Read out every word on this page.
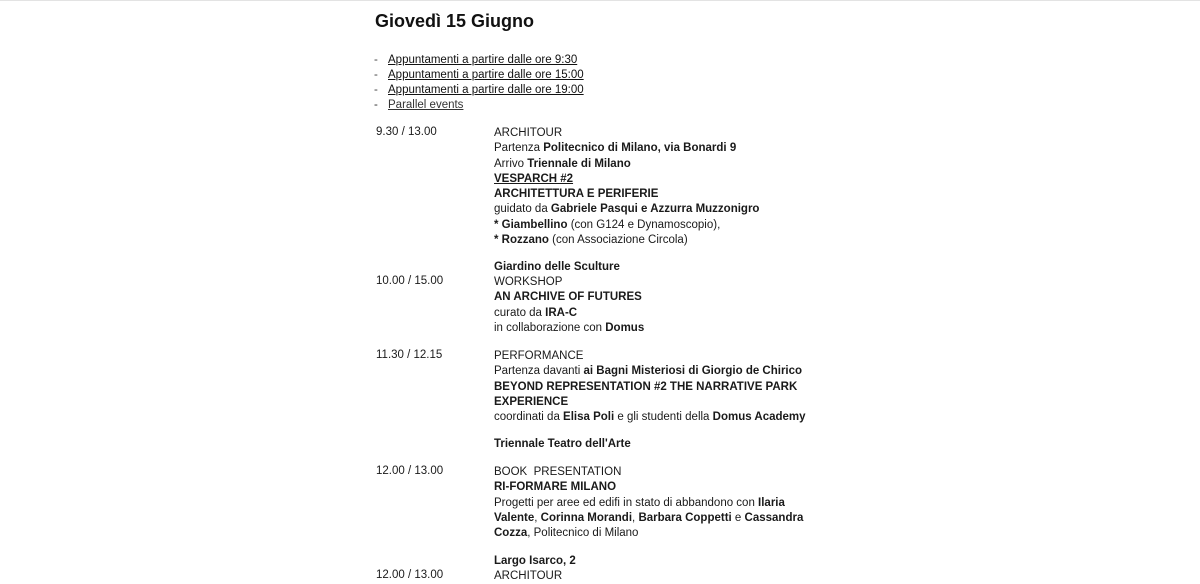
Giovedì 15 Giugno
- Appuntamenti a partire dalle ore 9:30
- Appuntamenti a partire dalle ore 15:00
- Appuntamenti a partire dalle ore 19:00
- Parallel events
9.30 / 13.00	ARCHITOUR
Partenza Politecnico di Milano, via Bonardi 9
Arrivo Triennale di Milano
VESPARCH #2
ARCHITETTURA E PERIFERIE
guidato da Gabriele Pasqui e Azzurra Muzzonigro
* Giambellino (con G124 e Dynamoscopio),
* Rozzano (con Associazione Circola)
Giardino delle Sculture
10.00 / 15.00	WORKSHOP
AN ARCHIVE OF FUTURES
curato da IRA-C
in collaborazione con Domus
11.30 / 12.15	PERFORMANCE
Partenza davanti ai Bagni Misteriosi di Giorgio de Chirico
BEYOND REPRESENTATION #2 THE NARRATIVE PARK
EXPERIENCE
coordinati da Elisa Poli e gli studenti della Domus Academy
Triennale Teatro dell'Arte
12.00 / 13.00	BOOK  PRESENTATION
RI-FORMARE MILANO
Progetti per aree ed edifi in stato di abbandono con Ilaria
Valente, Corinna Morandi, Barbara Coppetti e Cassandra
Cozza, Politecnico di Milano
Largo Isarco, 2
12.00 / 13.00	ARCHITOUR
